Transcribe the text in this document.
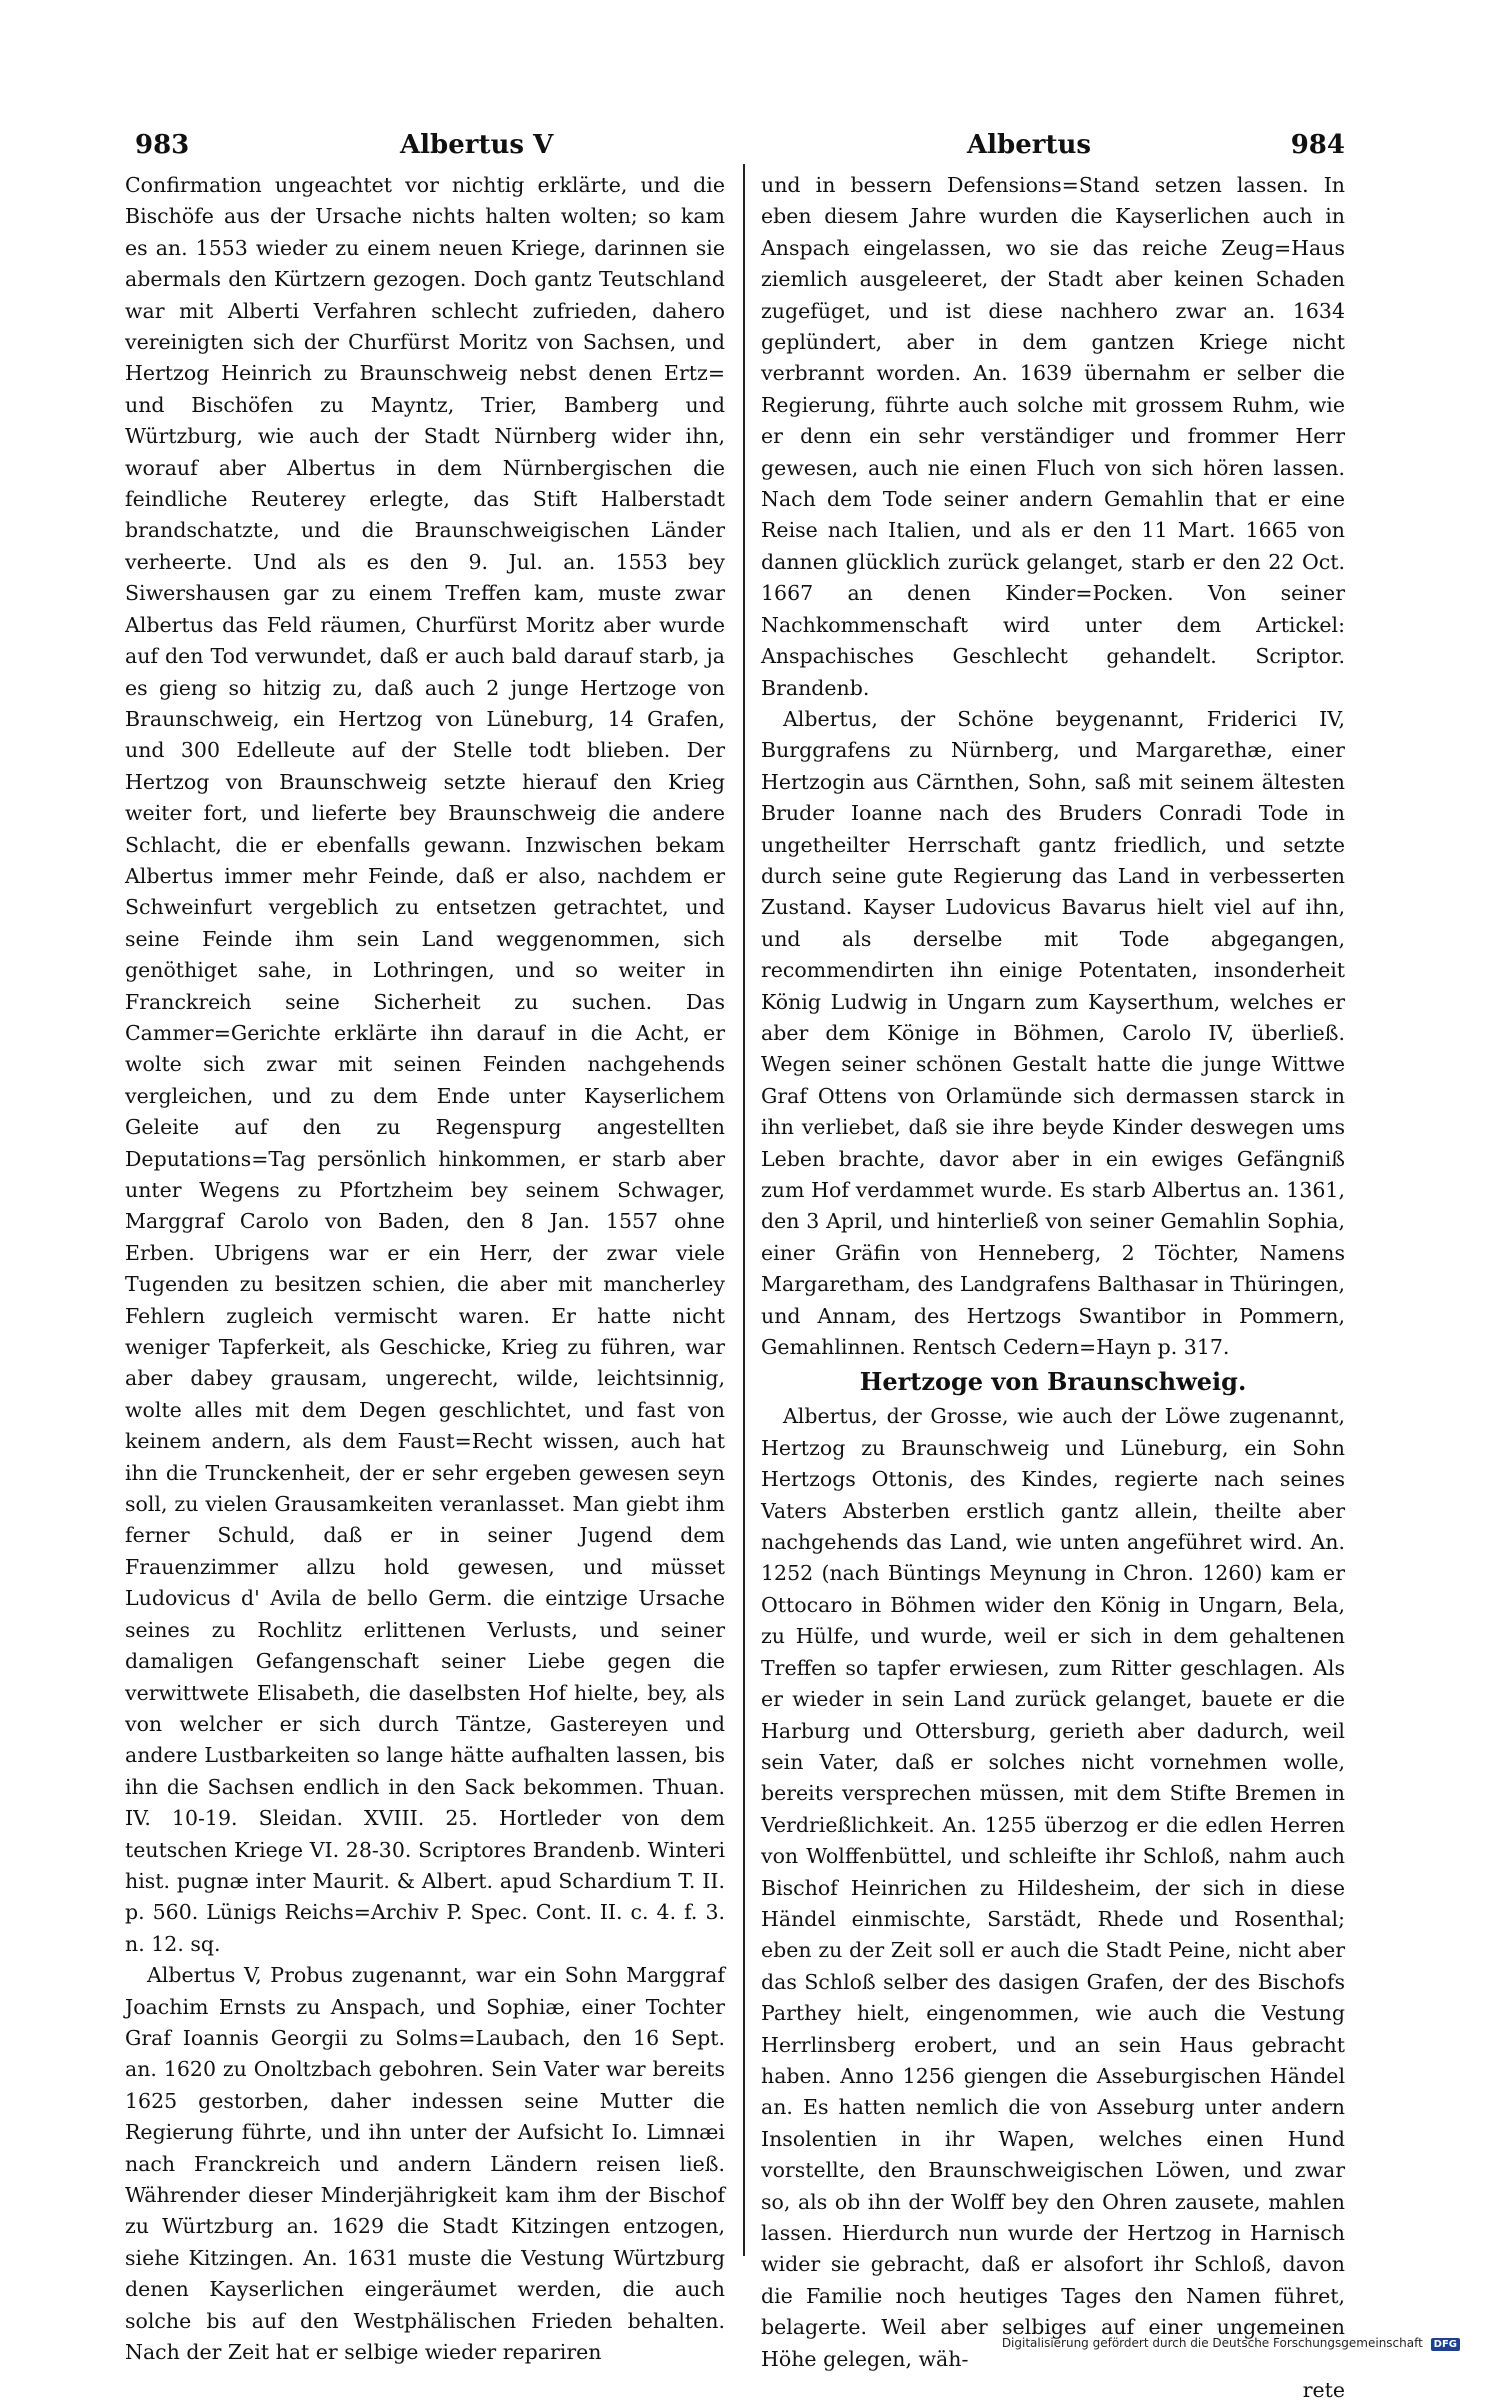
983	Albertus V	Albertus	984

Confirmation ungeachtet vor nichtig erklärte, und die Bischöfe aus der Ursache nichts halten wolten; so kam es an. 1553 wieder zu einem neuen Kriege, darinnen sie abermals den Kürtzern gezogen. Doch gantz Teutschland war mit Alberti Verfahren schlecht zufrieden, dahero vereinigten sich der Churfürst Moritz von Sachsen, und Hertzog Heinrich zu Braunschweig nebst denen Ertz= und Bischöfen zu Mayntz, Trier, Bamberg und Würtzburg, wie auch der Stadt Nürnberg wider ihn, worauf aber Albertus in dem Nürnbergischen die feindliche Reuterey erlegte, das Stift Halberstadt brandschatzte, und die Braunschweigischen Länder verheerte. Und als es den 9. Jul. an. 1553 bey Siwershausen gar zu einem Treffen kam, muste zwar Albertus das Feld räumen, Churfürst Moritz aber wurde auf den Tod verwundet, daß er auch bald darauf starb, ja es gieng so hitzig zu, daß auch 2 junge Hertzoge von Braunschweig, ein Hertzog von Lüneburg, 14 Grafen, und 300 Edelleute auf der Stelle todt blieben. Der Hertzog von Braunschweig setzte hierauf den Krieg weiter fort, und lieferte bey Braunschweig die andere Schlacht, die er ebenfalls gewann. Inzwischen bekam Albertus immer mehr Feinde, daß er also, nachdem er Schweinfurt vergeblich zu entsetzen getrachtet, und seine Feinde ihm sein Land weggenommen, sich genöthiget sahe, in Lothringen, und so weiter in Franckreich seine Sicherheit zu suchen. Das Cammer=Gerichte erklärte ihn darauf in die Acht, er wolte sich zwar mit seinen Feinden nachgehends vergleichen, und zu dem Ende unter Kayserlichem Geleite auf den zu Regenspurg angestellten Deputations=Tag persönlich hinkommen, er starb aber unter Wegens zu Pfortzheim bey seinem Schwager, Marggraf Carolo von Baden, den 8 Jan. 1557 ohne Erben. Ubrigens war er ein Herr, der zwar viele Tugenden zu besitzen schien, die aber mit mancherley Fehlern zugleich vermischt waren. Er hatte nicht weniger Tapferkeit, als Geschicke, Krieg zu führen, war aber dabey grausam, ungerecht, wilde, leichtsinnig, wolte alles mit dem Degen geschlichtet, und fast von keinem andern, als dem Faust=Recht wissen, auch hat ihn die Trunckenheit, der er sehr ergeben gewesen seyn soll, zu vielen Grausamkeiten veranlasset. Man giebt ihm ferner Schuld, daß er in seiner Jugend dem Frauenzimmer allzu hold gewesen, und müsset Ludovicus d' Avila de bello Germ. die eintzige Ursache seines zu Rochlitz erlittenen Verlusts, und seiner damaligen Gefangenschaft seiner Liebe gegen die verwittwete Elisabeth, die daselbsten Hof hielte, bey, als von welcher er sich durch Täntze, Gastereyen und andere Lustbarkeiten so lange hätte aufhalten lassen, bis ihn die Sachsen endlich in den Sack bekommen. Thuan. IV. 10-19. Sleidan. XVIII. 25. Hortleder von dem teutschen Kriege VI. 28-30. Scriptores Brandenb. Winteri hist. pugnæ inter Maurit. & Albert. apud Schardium T. II. p. 560. Lünigs Reichs=Archiv P. Spec. Cont. II. c. 4. f. 3. n. 12. sq.

Albertus V, Probus zugenannt, war ein Sohn Marggraf Joachim Ernsts zu Anspach, und Sophiæ, einer Tochter Graf Ioannis Georgii zu Solms=Laubach, den 16 Sept. an. 1620 zu Onoltzbach gebohren. Sein Vater war bereits 1625 gestorben, daher indessen seine Mutter die Regierung führte, und ihn unter der Aufsicht Io. Limnæi nach Franckreich und andern Ländern reisen ließ. Währender dieser Minderjährigkeit kam ihm der Bischof zu Würtzburg an. 1629 die Stadt Kitzingen entzogen, siehe Kitzingen. An. 1631 muste die Vestung Würtzburg denen Kayserlichen eingeräumet werden, die auch solche bis auf den Westphälischen Frieden behalten. Nach der Zeit hat er selbige wieder repariren

und in bessern Defensions=Stand setzen lassen. In eben diesem Jahre wurden die Kayserlichen auch in Anspach eingelassen, wo sie das reiche Zeug=Haus ziemlich ausgeleeret, der Stadt aber keinen Schaden zugefüget, und ist diese nachhero zwar an. 1634 geplündert, aber in dem gantzen Kriege nicht verbrannt worden. An. 1639 übernahm er selber die Regierung, führte auch solche mit grossem Ruhm, wie er denn ein sehr verständiger und frommer Herr gewesen, auch nie einen Fluch von sich hören lassen. Nach dem Tode seiner andern Gemahlin that er eine Reise nach Italien, und als er den 11 Mart. 1665 von dannen glücklich zurück gelanget, starb er den 22 Oct. 1667 an denen Kinder=Pocken. Von seiner Nachkommenschaft wird unter dem Artickel: Anspachisches Geschlecht gehandelt. Scriptor. Brandenb.

Albertus, der Schöne beygenannt, Friderici IV, Burggrafens zu Nürnberg, und Margarethæ, einer Hertzogin aus Cärnthen, Sohn, saß mit seinem ältesten Bruder Ioanne nach des Bruders Conradi Tode in ungetheilter Herrschaft gantz friedlich, und setzte durch seine gute Regierung das Land in verbesserten Zustand. Kayser Ludovicus Bavarus hielt viel auf ihn, und als derselbe mit Tode abgegangen, recommendirten ihn einige Potentaten, insonderheit König Ludwig in Ungarn zum Kayserthum, welches er aber dem Könige in Böhmen, Carolo IV, überließ. Wegen seiner schönen Gestalt hatte die junge Wittwe Graf Ottens von Orlamünde sich dermassen starck in ihn verliebet, daß sie ihre beyde Kinder deswegen ums Leben brachte, davor aber in ein ewiges Gefängniß zum Hof verdammet wurde. Es starb Albertus an. 1361, den 3 April, und hinterließ von seiner Gemahlin Sophia, einer Gräfin von Henneberg, 2 Töchter, Namens Margaretham, des Landgrafens Balthasar in Thüringen, und Annam, des Hertzogs Swantibor in Pommern, Gemahlinnen. Rentsch Cedern=Hayn p. 317.

Hertzoge von Braunschweig.

Albertus, der Grosse, wie auch der Löwe zugenannt, Hertzog zu Braunschweig und Lüneburg, ein Sohn Hertzogs Ottonis, des Kindes, regierte nach seines Vaters Absterben erstlich gantz allein, theilte aber nachgehends das Land, wie unten angeführet wird. An. 1252 (nach Büntings Meynung in Chron. 1260) kam er Ottocaro in Böhmen wider den König in Ungarn, Bela, zu Hülfe, und wurde, weil er sich in dem gehaltenen Treffen so tapfer erwiesen, zum Ritter geschlagen. Als er wieder in sein Land zurück gelanget, bauete er die Harburg und Ottersburg, gerieth aber dadurch, weil sein Vater, daß er solches nicht vornehmen wolle, bereits versprechen müssen, mit dem Stifte Bremen in Verdrießlichkeit. An. 1255 überzog er die edlen Herren von Wolffenbüttel, und schleifte ihr Schloß, nahm auch Bischof Heinrichen zu Hildesheim, der sich in diese Händel einmischte, Sarstädt, Rhede und Rosenthal; eben zu der Zeit soll er auch die Stadt Peine, nicht aber das Schloß selber des dasigen Grafen, der des Bischofs Parthey hielt, eingenommen, wie auch die Vestung Herrlinsberg erobert, und an sein Haus gebracht haben. Anno 1256 giengen die Asseburgischen Händel an. Es hatten nemlich die von Asseburg unter andern Insolentien in ihr Wapen, welches einen Hund vorstellte, den Braunschweigischen Löwen, und zwar so, als ob ihn der Wolff bey den Ohren zausete, mahlen lassen. Hierdurch nun wurde der Hertzog in Harnisch wider sie gebracht, daß er alsofort ihr Schloß, davon die Familie noch heutiges Tages den Namen führet, belagerte. Weil aber selbiges auf einer ungemeinen Höhe gelegen, wäh-

rete

Digitalisierung gefördert durch die Deutsche Forschungsgemeinschaft DFG
